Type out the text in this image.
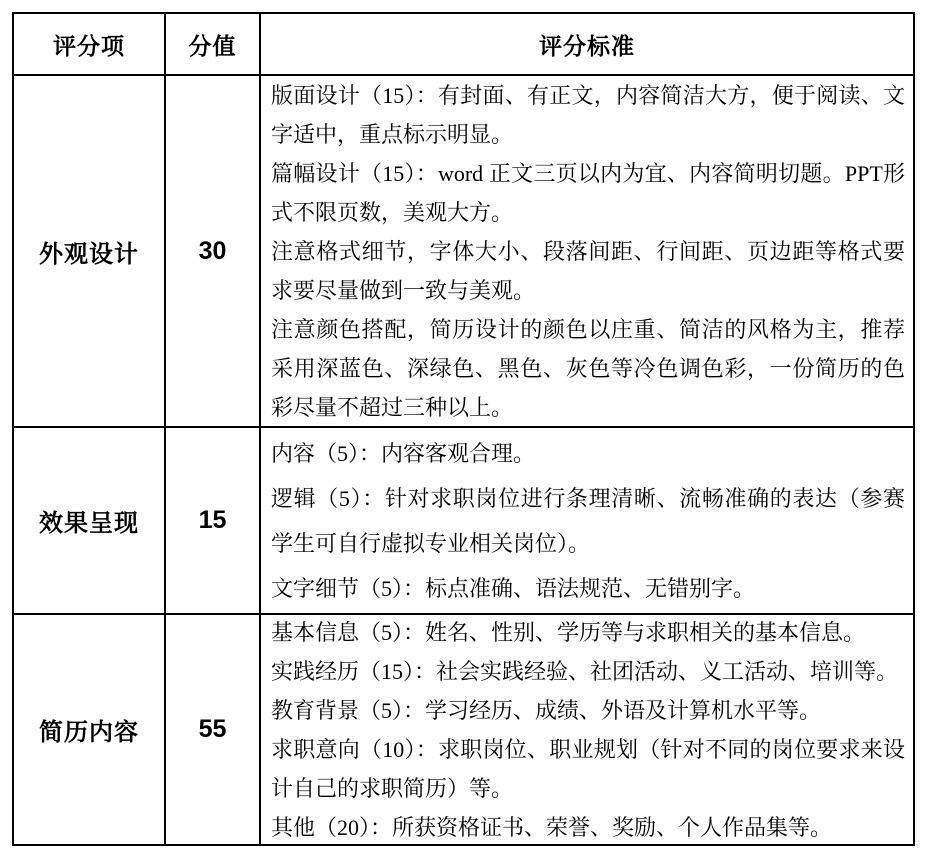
评分项	分值	评分标准
外观设计	30	版面设计（15）：有封面、有正文，内容简洁大方，便于阅读、文字适中，重点标示明显。
篇幅设计（15）：word 正文三页以内为宜、内容简明切题。PPT形式不限页数，美观大方。
注意格式细节，字体大小、段落间距、行间距、页边距等格式要求要尽量做到一致与美观。
注意颜色搭配，简历设计的颜色以庄重、简洁的风格为主，推荐采用深蓝色、深绿色、黑色、灰色等冷色调色彩，一份简历的色彩尽量不超过三种以上。

效果呈现	15	内容（5）：内容客观合理。
逻辑（5）：针对求职岗位进行条理清晰、流畅准确的表达（参赛学生可自行虚拟专业相关岗位）。
文字细节（5）：标点准确、语法规范、无错别字。

简历内容	55	基本信息（5）：姓名、性别、学历等与求职相关的基本信息。
实践经历（15）：社会实践经验、社团活动、义工活动、培训等。
教育背景（5）：学习经历、成绩、外语及计算机水平等。
求职意向（10）：求职岗位、职业规划（针对不同的岗位要求来设计自己的求职简历）等。
其他（20）：所获资格证书、荣誉、奖励、个人作品集等。
